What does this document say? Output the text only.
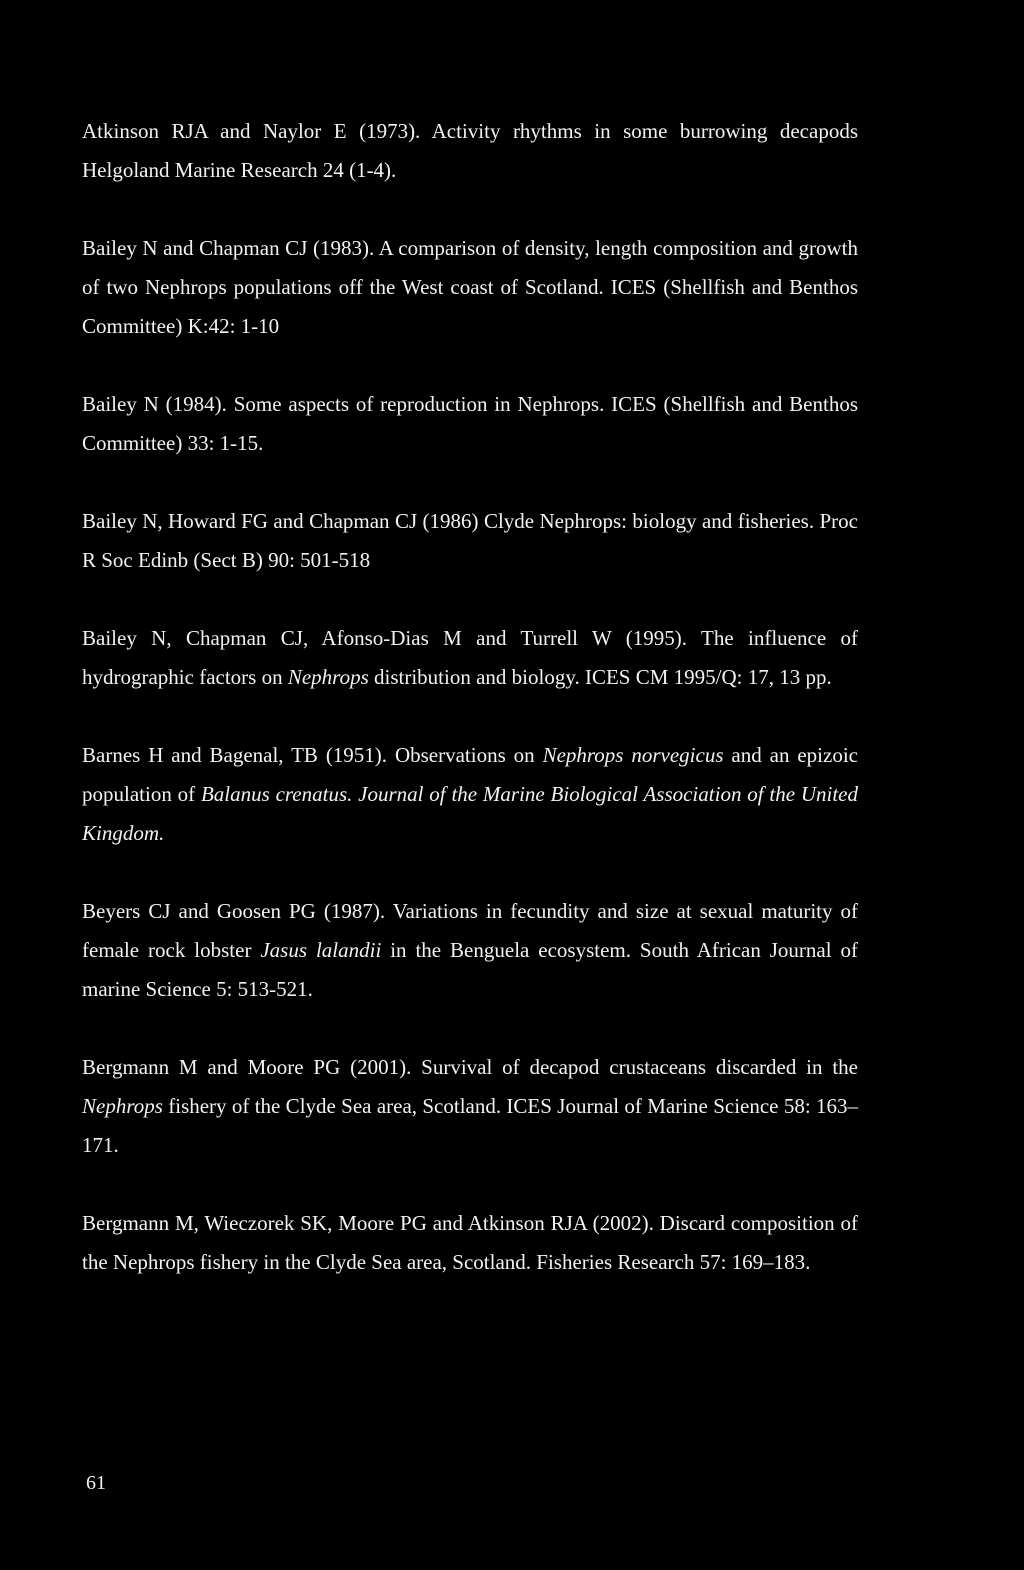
Atkinson RJA and Naylor E (1973). Activity rhythms in some burrowing decapods Helgoland Marine Research 24 (1-4).

Bailey N and Chapman CJ (1983). A comparison of density, length composition and growth of two Nephrops populations off the West coast of Scotland. ICES (Shellfish and Benthos Committee) K:42: 1-10

Bailey N (1984). Some aspects of reproduction in Nephrops. ICES (Shellfish and Benthos Committee) 33: 1-15.

Bailey N, Howard FG and Chapman CJ (1986) Clyde Nephrops: biology and fisheries. Proc R Soc Edinb (Sect B) 90: 501-518

Bailey N, Chapman CJ, Afonso-Dias M and Turrell W (1995). The influence of hydrographic factors on Nephrops distribution and biology. ICES CM 1995/Q: 17, 13 pp.

Barnes H and Bagenal, TB (1951). Observations on Nephrops norvegicus and an epizoic population of Balanus crenatus. Journal of the Marine Biological Association of the United Kingdom.

Beyers CJ and Goosen PG (1987). Variations in fecundity and size at sexual maturity of female rock lobster Jasus lalandii in the Benguela ecosystem. South African Journal of marine Science 5: 513-521.

Bergmann M and Moore PG (2001). Survival of decapod crustaceans discarded in the Nephrops fishery of the Clyde Sea area, Scotland. ICES Journal of Marine Science 58: 163–171.

Bergmann M, Wieczorek SK, Moore PG and Atkinson RJA (2002). Discard composition of the Nephrops fishery in the Clyde Sea area, Scotland. Fisheries Research 57: 169–183.

61
